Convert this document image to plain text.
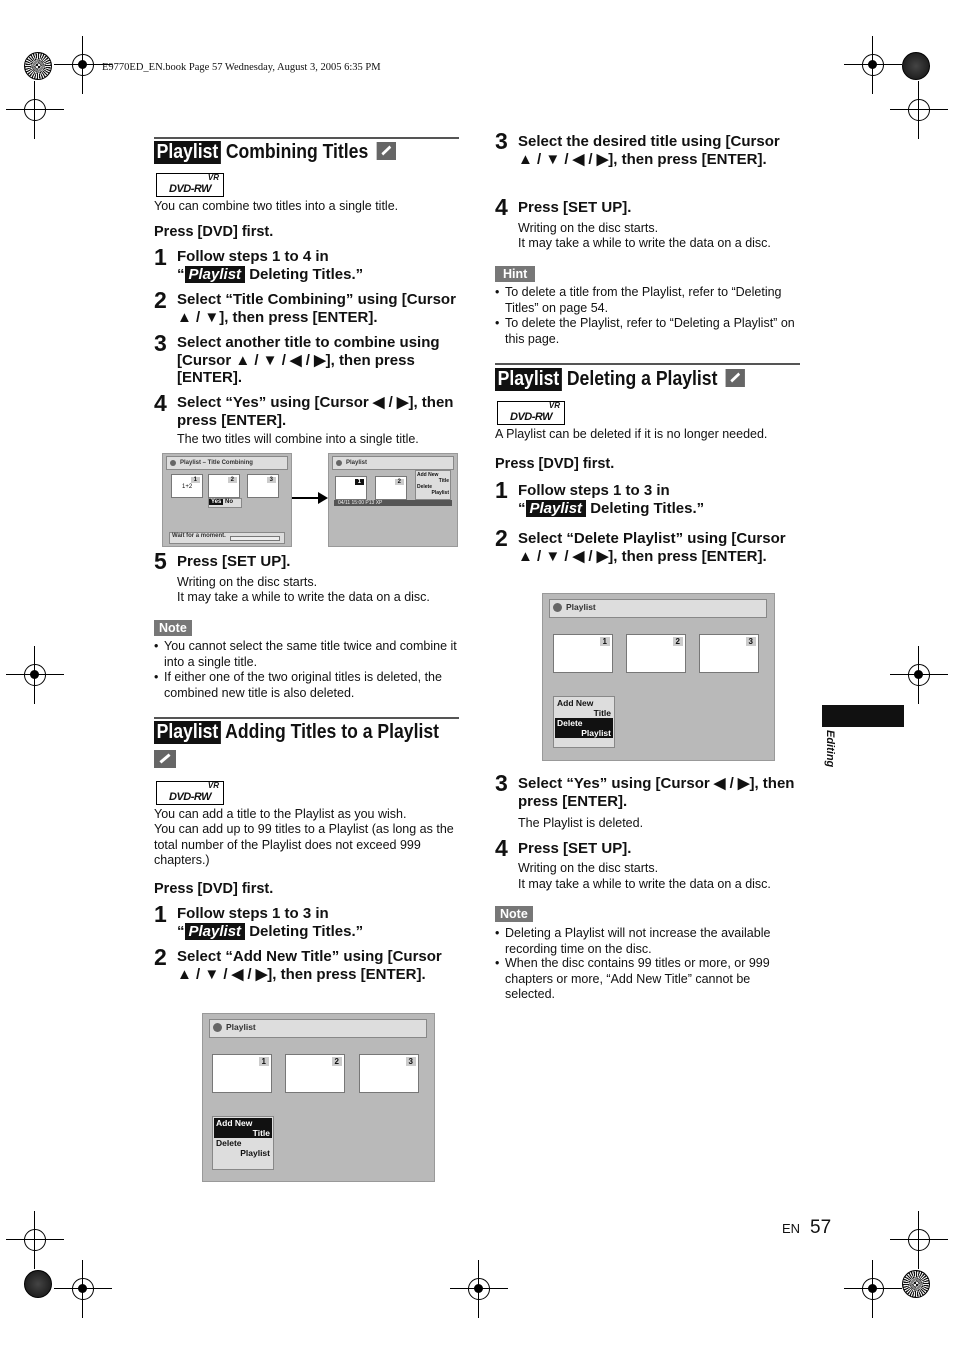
E9770ED_EN.book Page 57 Wednesday, August 3, 2005 6:35 PM
Playlist Combining Titles
VR
DVD-RW
You can combine two titles into a single title.
Press [DVD] first.
1 Follow steps 1 to 4 in
“ Playlist Deleting Titles.”
2 Select “Title Combining” using [Cursor ▲ / ▼], then press [ENTER].
3 Select another title to combine using [Cursor ▲ / ▼ / ◀ / ▶], then press [ENTER].
4 Select “Yes” using [Cursor ◀ / ▶], then press [ENTER].
The two titles will combine into a single title.
Playlist – Title Combining
1
1+2
2	3
Yes No
Wait for a moment.
Playlist
1	2
Add New
Title
Delete
Playlist
04/11 15:00 P13 XP
5 Press [SET UP].
Writing on the disc starts.
It may take a while to write the data on a disc.
Note
• You cannot select the same title twice and combine it into a single title.
• If either one of the two original titles is deleted, the combined new title is also deleted.
Playlist Adding Titles to a Playlist
VR
DVD-RW
You can add a title to the Playlist as you wish.
You can add up to 99 titles to a Playlist (as long as the total number of the Playlist does not exceed 999 chapters.)
Press [DVD] first.
1 Follow steps 1 to 3 in
“ Playlist Deleting Titles.”
2 Select “Add New Title” using [Cursor ▲ / ▼ / ◀ / ▶], then press [ENTER].
Playlist
1	2	3
Add New
Title
Delete
Playlist
3 Select the desired title using [Cursor ▲ / ▼ / ◀ / ▶], then press [ENTER].
4 Press [SET UP].
Writing on the disc starts.
It may take a while to write the data on a disc.
Hint
• To delete a title from the Playlist, refer to “Deleting Titles” on page 54.
• To delete the Playlist, refer to “Deleting a Playlist” on this page.
Playlist Deleting a Playlist
VR
DVD-RW
A Playlist can be deleted if it is no longer needed.
Press [DVD] first.
1 Follow steps 1 to 3 in
“ Playlist Deleting Titles.”
2 Select “Delete Playlist” using [Cursor ▲ / ▼ / ◀ / ▶], then press [ENTER].
Playlist
1	2	3
Add New
Title
Delete
Playlist
3 Select “Yes” using [Cursor ◀ / ▶], then press [ENTER].
The Playlist is deleted.
4 Press [SET UP].
Writing on the disc starts.
It may take a while to write the data on a disc.
Note
• Deleting a Playlist will not increase the available recording time on the disc.
• When the disc contains 99 titles or more, or 999 chapters or more, “Add New Title” cannot be selected.
Editing
EN 57
